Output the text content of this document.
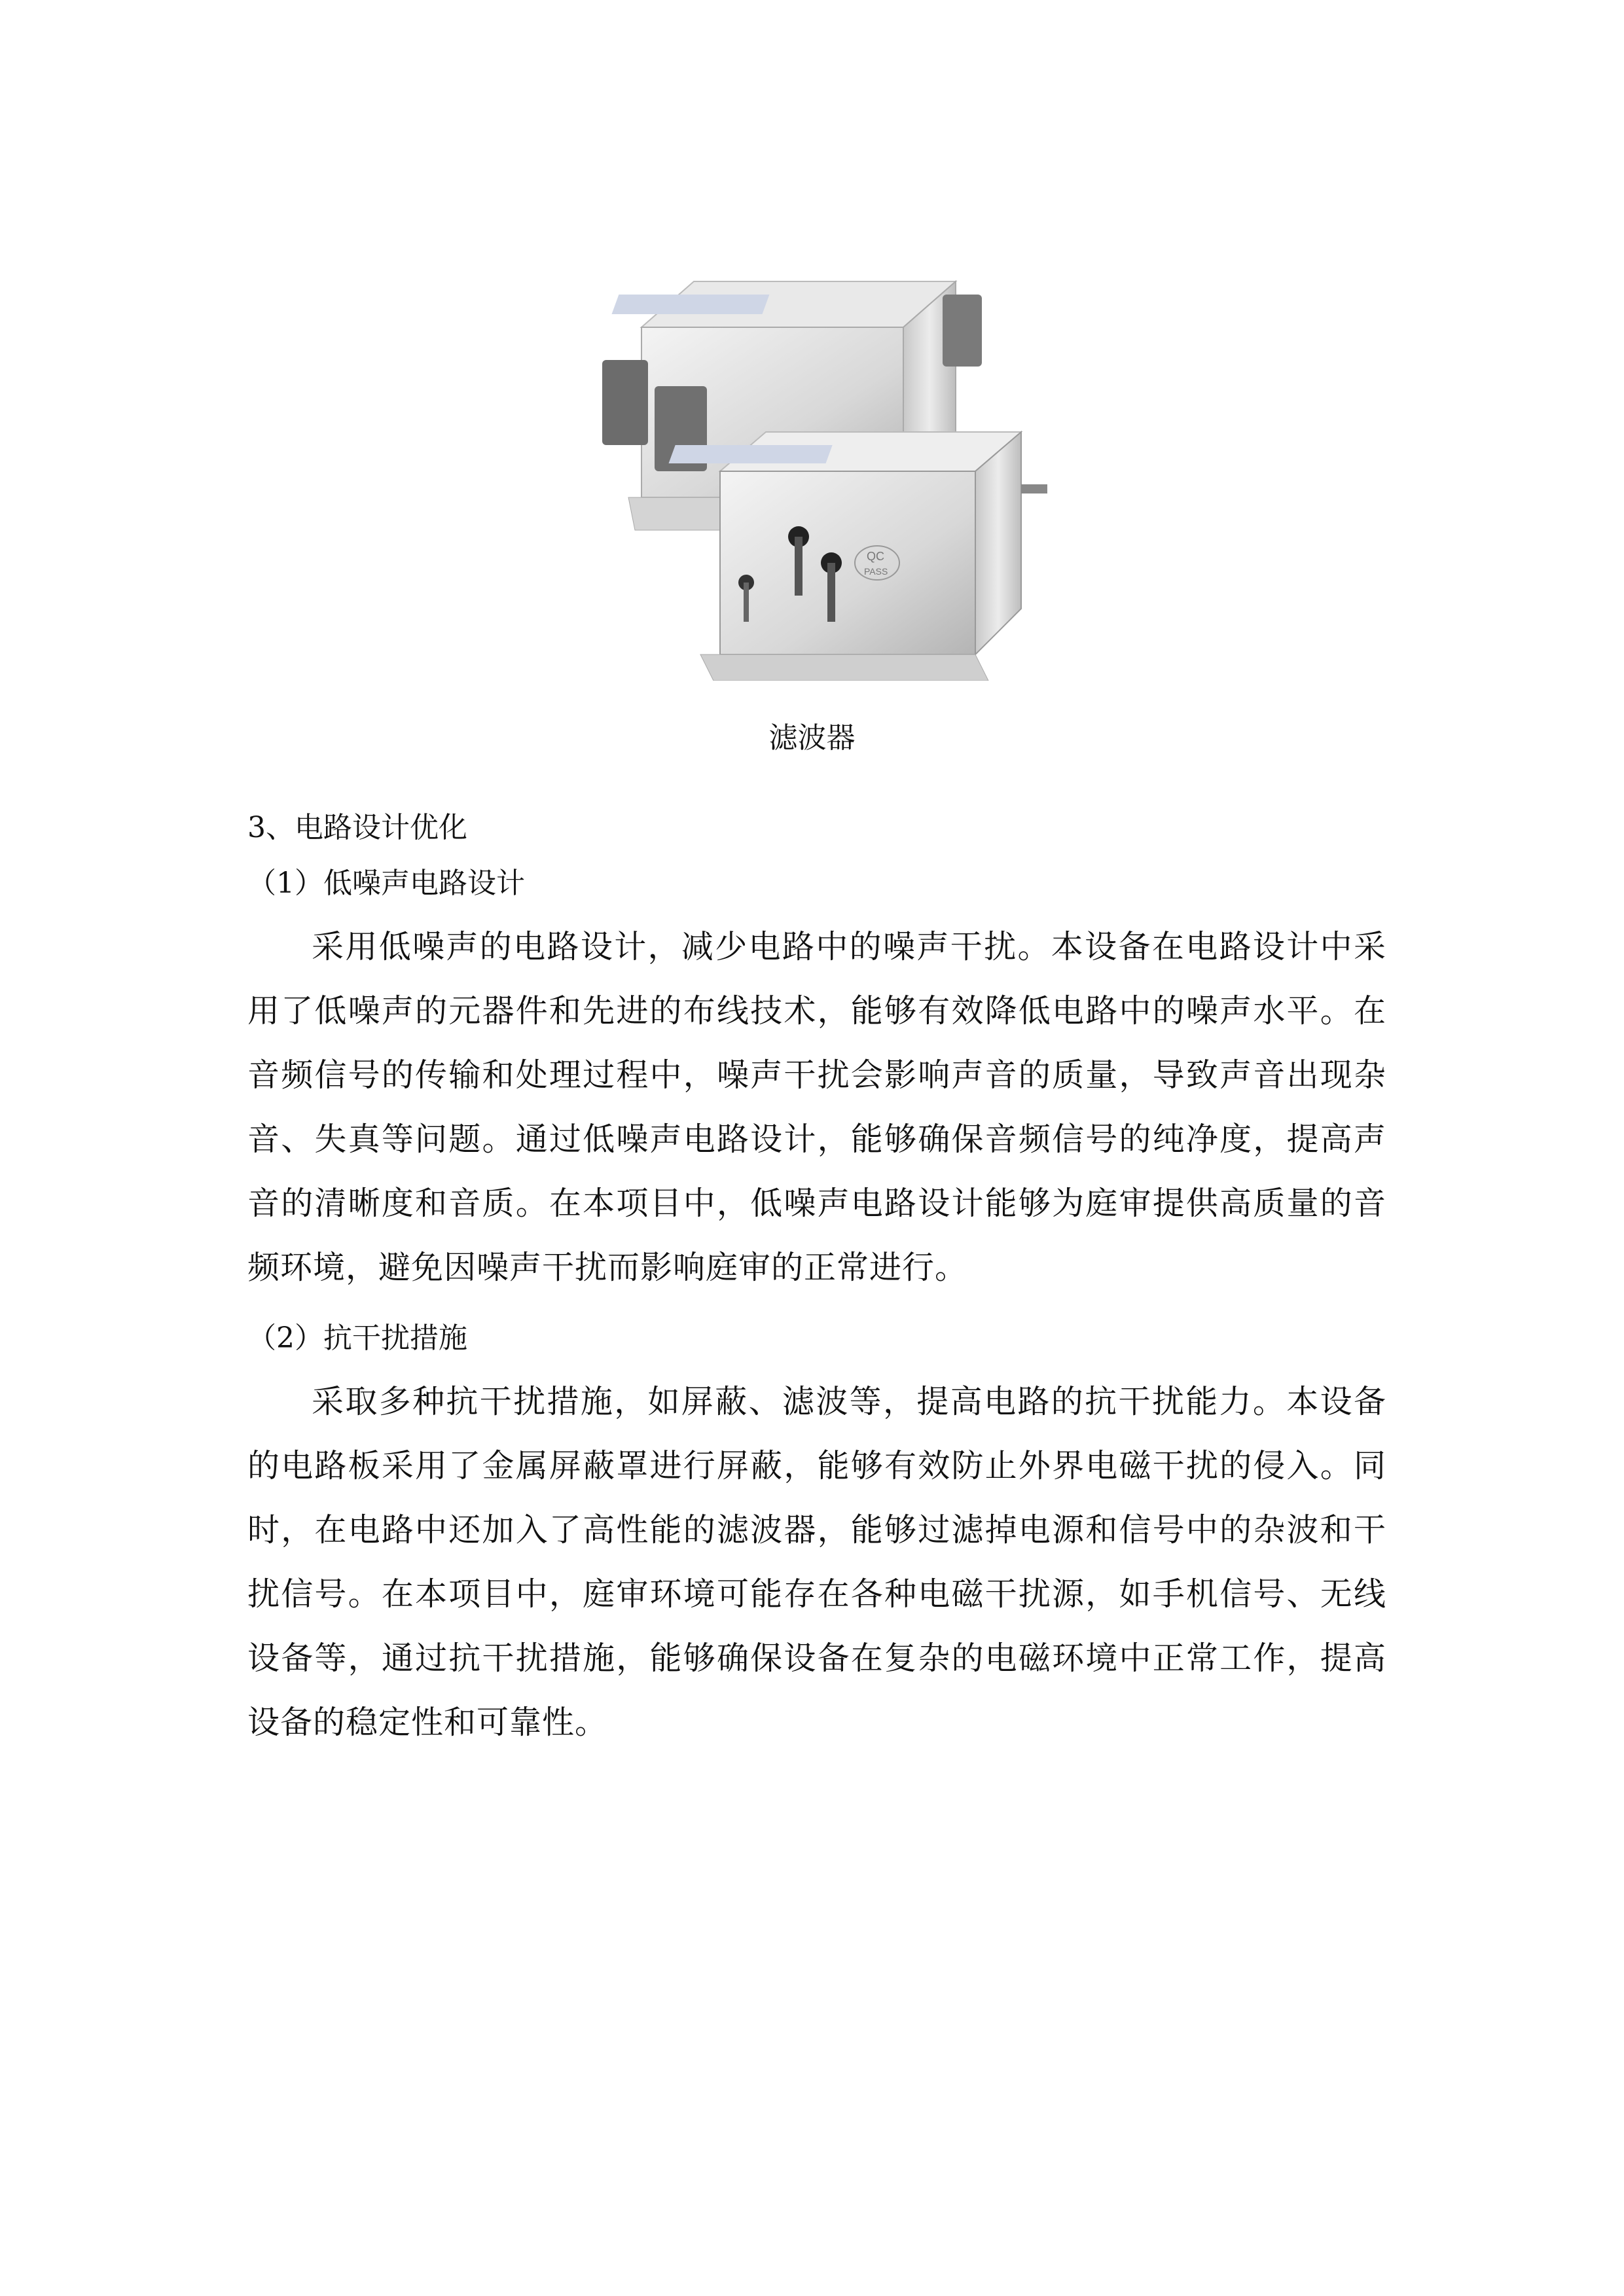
QC
PASS
滤波器
3、电路设计优化
（1）低噪声电路设计
采用低噪声的电路设计，减少电路中的噪声干扰。本设备在电路设计中采用了低噪声的元器件和先进的布线技术，能够有效降低电路中的噪声水平。在音频信号的传输和处理过程中，噪声干扰会影响声音的质量，导致声音出现杂音、失真等问题。通过低噪声电路设计，能够确保音频信号的纯净度，提高声音的清晰度和音质。在本项目中，低噪声电路设计能够为庭审提供高质量的音频环境，避免因噪声干扰而影响庭审的正常进行。
（2）抗干扰措施
采取多种抗干扰措施，如屏蔽、滤波等，提高电路的抗干扰能力。本设备的电路板采用了金属屏蔽罩进行屏蔽，能够有效防止外界电磁干扰的侵入。同时，在电路中还加入了高性能的滤波器，能够过滤掉电源和信号中的杂波和干扰信号。在本项目中，庭审环境可能存在各种电磁干扰源，如手机信号、无线设备等，通过抗干扰措施，能够确保设备在复杂的电磁环境中正常工作，提高设备的稳定性和可靠性。
